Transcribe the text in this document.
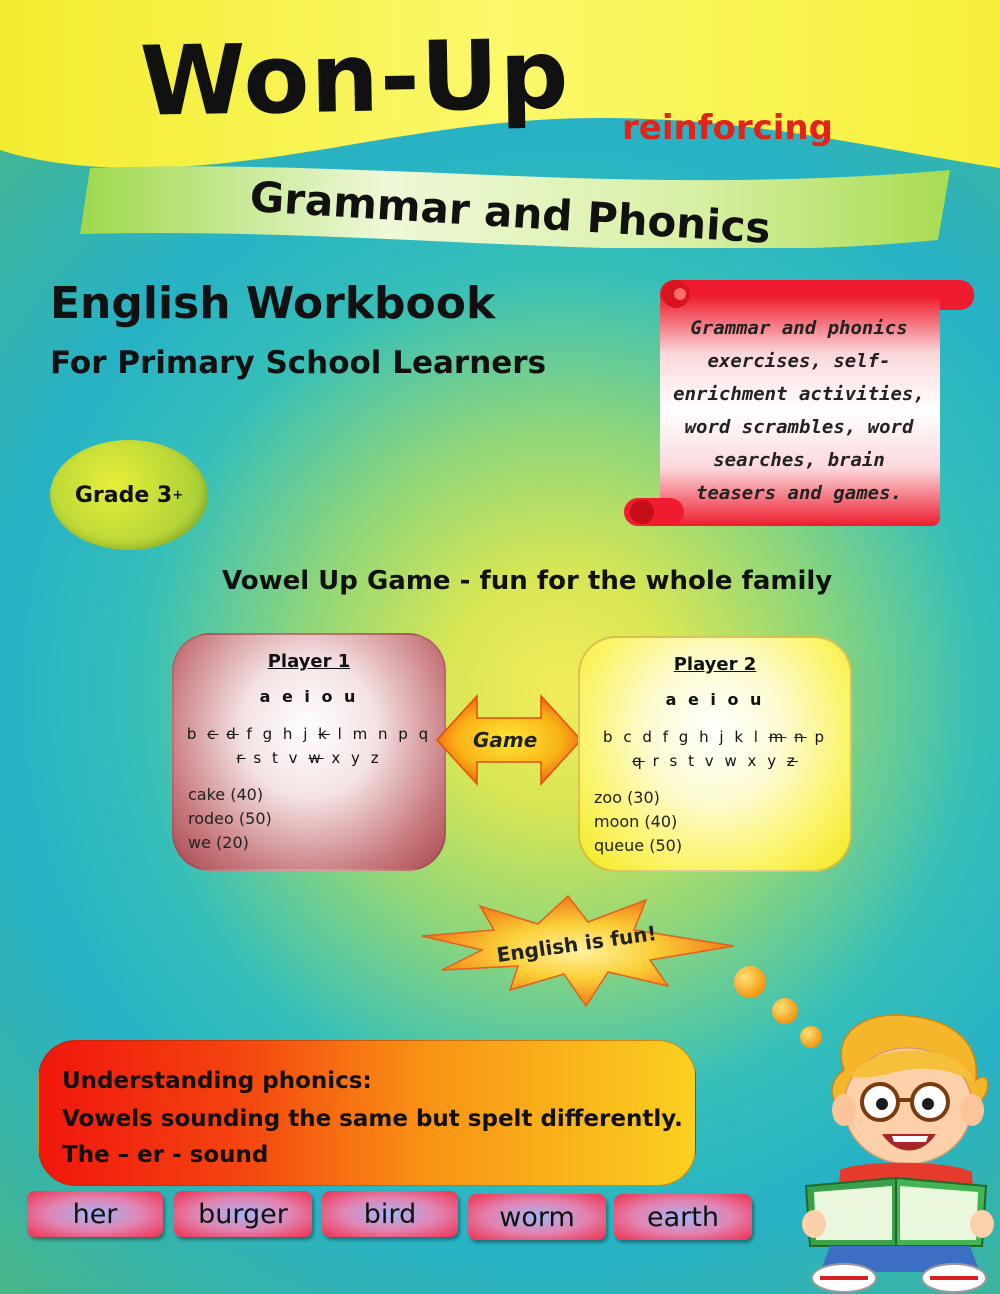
Won-Up reinforcing
Grammar and Phonics
English Workbook
For Primary School Learners
Grade 3 +
Grammar and phonics
exercises, self-
enrichment activities,
word scrambles, word
searches, brain
teasers and games.
Vowel Up Game - fun for the whole family
Player 1
a e i o u
b c d f g h j k l m n p q
r s t v w x y z
cake (40)
rodeo (50)
we (20)
Game
Player 2
a e i o u
b c d f g h j k l m n p
q r s t v w x y z
zoo (30)
moon (40)
queue (50)
English is fun!
Understanding phonics:
Vowels sounding the same but spelt differently.
The – er - sound
her	burger	bird	worm	earth
